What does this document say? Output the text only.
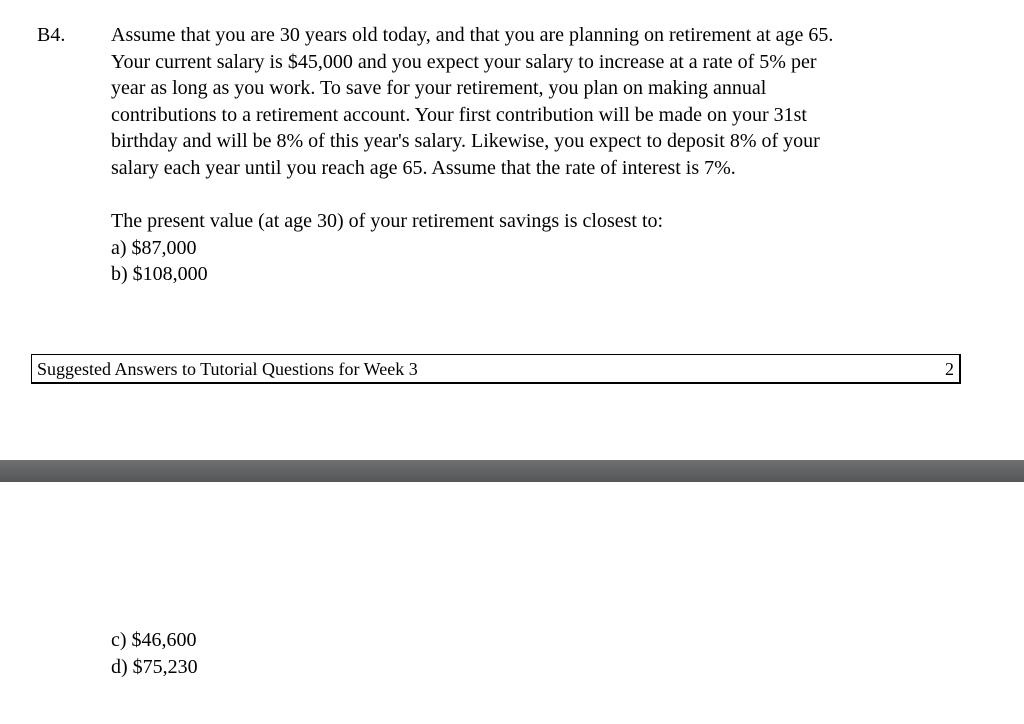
B4. Assume that you are 30 years old today, and that you are planning on retirement at age 65.
Your current salary is $45,000 and you expect your salary to increase at a rate of 5% per
year as long as you work. To save for your retirement, you plan on making annual
contributions to a retirement account. Your first contribution will be made on your 31st
birthday and will be 8% of this year's salary. Likewise, you expect to deposit 8% of your
salary each year until you reach age 65. Assume that the rate of interest is 7%.
The present value (at age 30) of your retirement savings is closest to:
a) $87,000
b) $108,000
Suggested Answers to Tutorial Questions for Week 3	2
c) $46,600
d) $75,230
